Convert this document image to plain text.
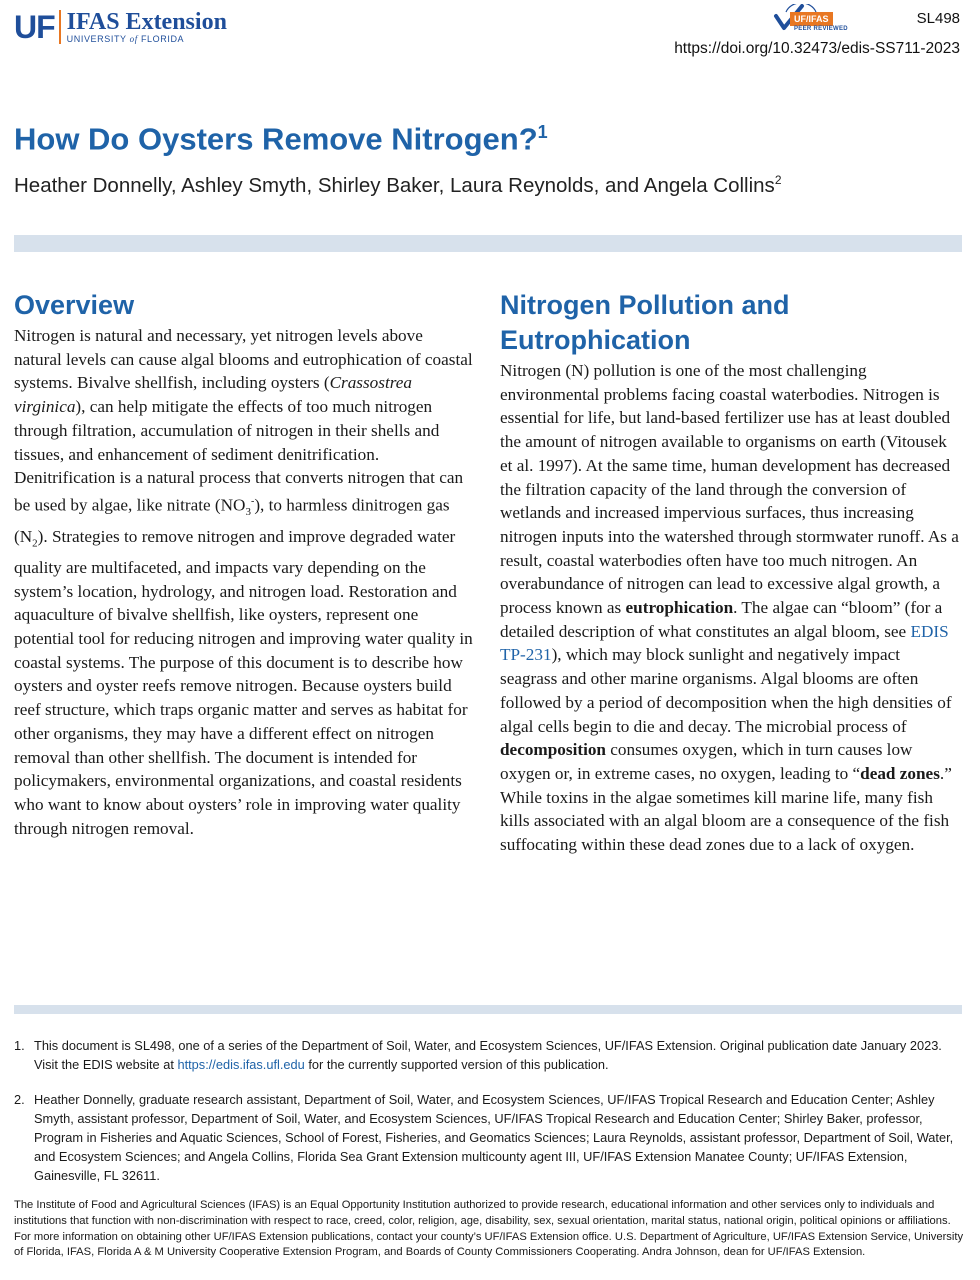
UF IFAS Extension
UNIVERSITY of FLORIDA
UF/IFAS
PEER REVIEWED
SL498
https://doi.org/10.32473/edis-SS711-2023
How Do Oysters Remove Nitrogen?$^1$
Heather Donnelly, Ashley Smyth, Shirley Baker, Laura Reynolds, and Angela Collins$^2$
Overview

Nitrogen is natural and necessary, yet nitrogen levels above natural levels can cause algal blooms and eutrophication of coastal systems. Bivalve shellfish, including oysters (Crassostrea virginica), can help mitigate the effects of too much nitrogen through filtration, accumulation of nitrogen in their shells and tissues, and enhancement of sediment denitrification. Denitrification is a natural process that converts nitrogen that can be used by algae, like nitrate $(NO_3^-)$, to harmless dinitrogen gas $(N_2)$. Strategies to remove nitrogen and improve degraded water quality are multifaceted, and impacts vary depending on the system’s location, hydrology, and nitrogen load. Restoration and aquaculture of bivalve shellfish, like oysters, represent one potential tool for reducing nitrogen and improving water quality in coastal systems. The purpose of this document is to describe how oysters and oyster reefs remove nitrogen. Because oysters build reef structure, which traps organic matter and serves as habitat for other organisms, they may have a different effect on nitrogen removal than other shellfish. The document is intended for policymakers, environmental organizations, and coastal residents who want to know about oysters’ role in improving water quality through nitrogen removal.

Nitrogen Pollution and
Eutrophication

Nitrogen (N) pollution is one of the most challenging environmental problems facing coastal waterbodies. Nitrogen is essential for life, but land-based fertilizer use has at least doubled the amount of nitrogen available to organisms on earth (Vitousek et al. 1997). At the same time, human development has decreased the filtration capacity of the land through the conversion of wetlands and increased impervious surfaces, thus increasing nitrogen inputs into the watershed through stormwater runoff. As a result, coastal waterbodies often have too much nitrogen. An overabundance of nitrogen can lead to excessive algal growth, a process known as eutrophication. The algae can “bloom” (for a detailed description of what constitutes an algal bloom, see EDIS TP-231), which may block sunlight and negatively impact seagrass and other marine organisms. Algal blooms are often followed by a period of decomposition when the high densities of algal cells begin to die and decay. The microbial process of decomposition consumes oxygen, which in turn causes low oxygen or, in extreme cases, no oxygen, leading to “dead zones.” While toxins in the algae sometimes kill marine life, many fish kills associated with an algal bloom are a consequence of the fish suffocating within these dead zones due to a lack of oxygen.

1. This document is SL498, one of a series of the Department of Soil, Water, and Ecosystem Sciences, UF/IFAS Extension. Original publication date January 2023. Visit the EDIS website at https://edis.ifas.ufl.edu for the currently supported version of this publication.
2. Heather Donnelly, graduate research assistant, Department of Soil, Water, and Ecosystem Sciences, UF/IFAS Tropical Research and Education Center; Ashley Smyth, assistant professor, Department of Soil, Water, and Ecosystem Sciences, UF/IFAS Tropical Research and Education Center; Shirley Baker, professor, Program in Fisheries and Aquatic Sciences, School of Forest, Fisheries, and Geomatics Sciences; Laura Reynolds, assistant professor, Department of Soil, Water, and Ecosystem Sciences; and Angela Collins, Florida Sea Grant Extension multicounty agent III, UF/IFAS Extension Manatee County; UF/IFAS Extension, Gainesville, FL 32611.

The Institute of Food and Agricultural Sciences (IFAS) is an Equal Opportunity Institution authorized to provide research, educational information and other services only to individuals and institutions that function with non-discrimination with respect to race, creed, color, religion, age, disability, sex, sexual orientation, marital status, national origin, political opinions or affiliations. For more information on obtaining other UF/IFAS Extension publications, contact your county’s UF/IFAS Extension office. U.S. Department of Agriculture, UF/IFAS Extension Service, University of Florida, IFAS, Florida A & M University Cooperative Extension Program, and Boards of County Commissioners Cooperating. Andra Johnson, dean for UF/IFAS Extension.
